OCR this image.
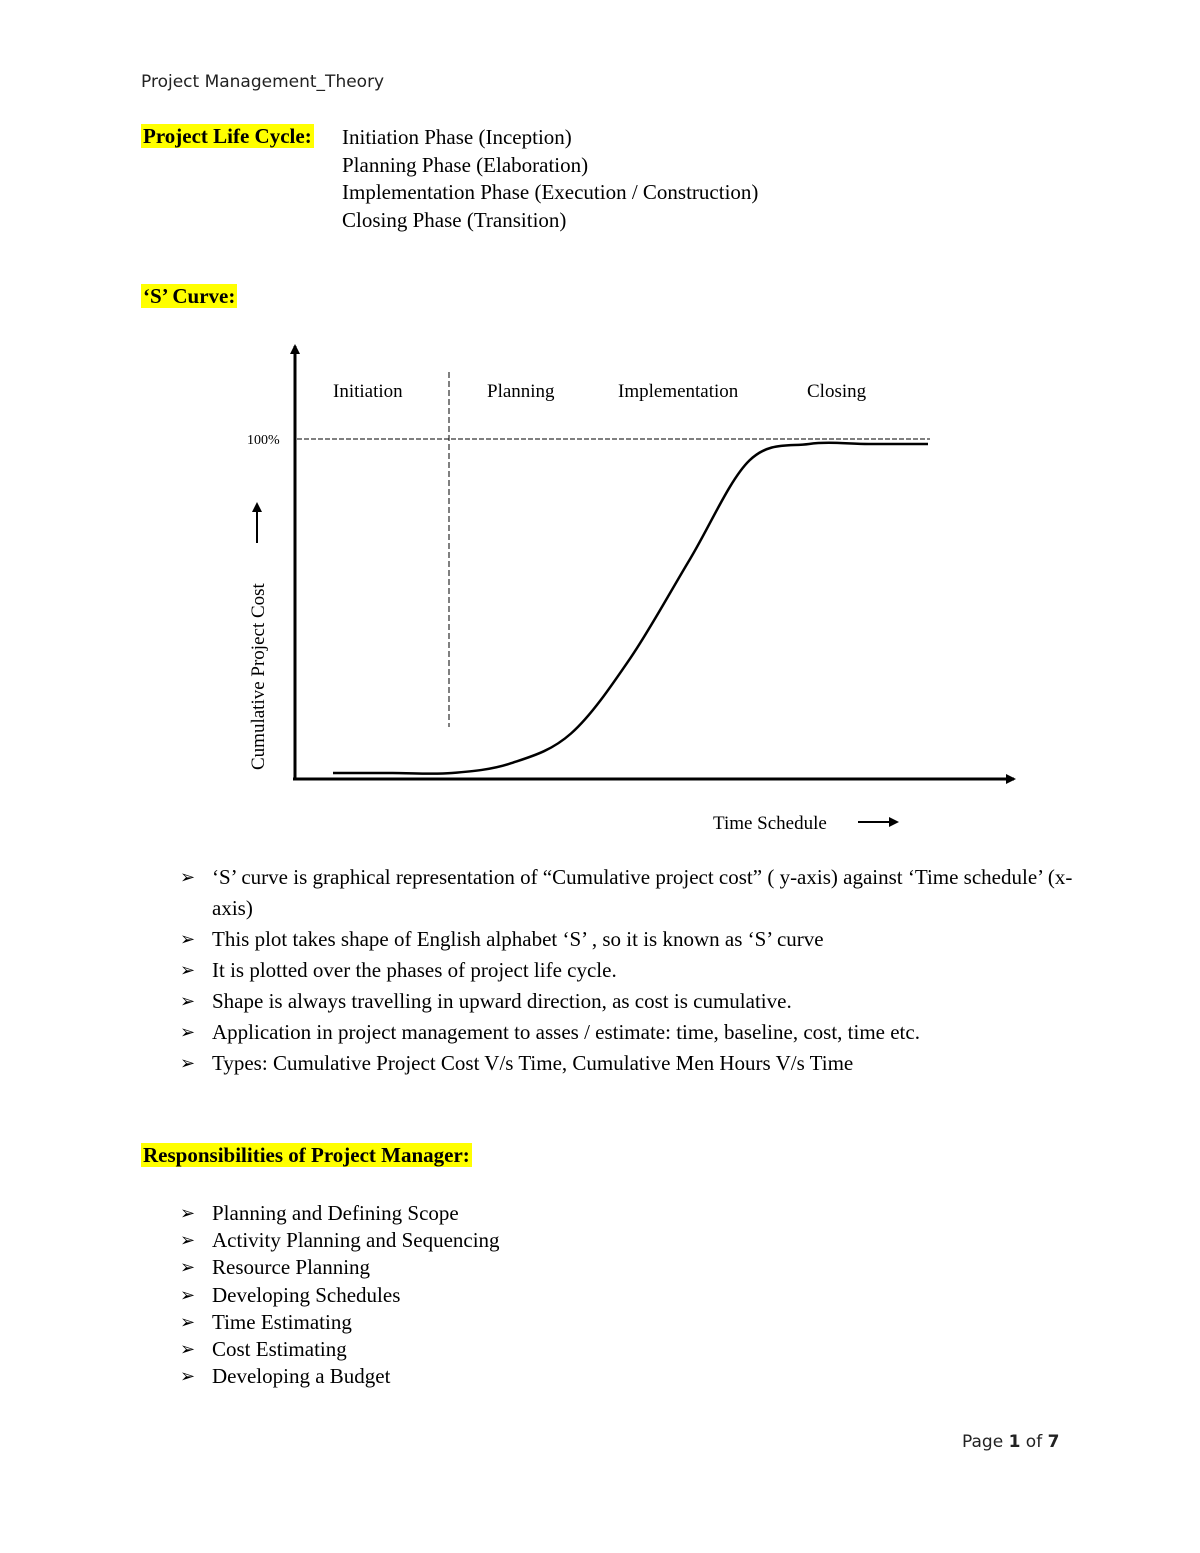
Project Management_Theory
Project Life Cycle: Initiation Phase (Inception)
Planning Phase (Elaboration)
Implementation Phase (Execution / Construction)
Closing Phase (Transition)
‘S’ Curve:
100%
Initiation	Planning	Implementation	Closing
Cumulative Project Cost
Time Schedule
➢ ‘S’ curve is graphical representation of “Cumulative project cost” ( y-axis) against ‘Time schedule’ (x-axis)
➢ This plot takes shape of English alphabet ‘S’ , so it is known as ‘S’ curve
➢ It is plotted over the phases of project life cycle.
➢ Shape is always travelling in upward direction, as cost is cumulative.
➢ Application in project management to asses / estimate: time, baseline, cost, time etc.
➢ Types: Cumulative Project Cost V/s Time, Cumulative Men Hours V/s Time
Responsibilities of Project Manager:
➢ Planning and Defining Scope
➢ Activity Planning and Sequencing
➢ Resource Planning
➢ Developing Schedules
➢ Time Estimating
➢ Cost Estimating
➢ Developing a Budget
Page 1 of 7
